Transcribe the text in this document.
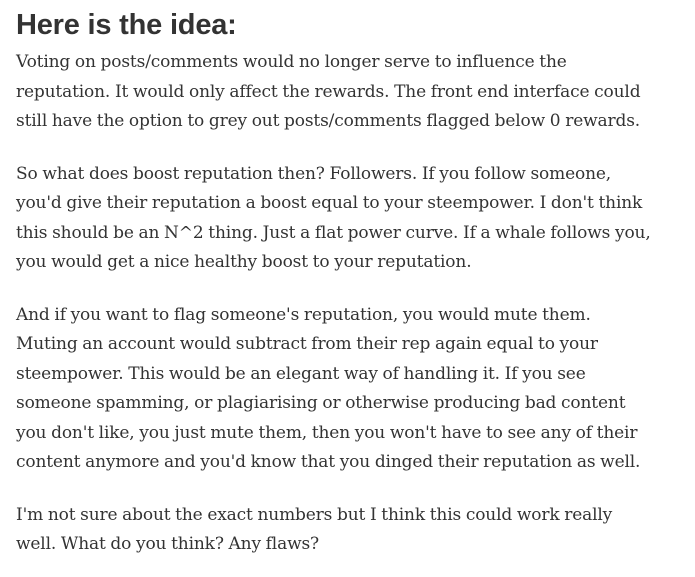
Here is the idea:

Voting on posts/comments would no longer serve to influence the
reputation. It would only affect the rewards. The front end interface could
still have the option to grey out posts/comments flagged below 0 rewards.

So what does boost reputation then? Followers. If you follow someone,
you'd give their reputation a boost equal to your steempower. I don't think
this should be an N^2 thing. Just a flat power curve. If a whale follows you,
you would get a nice healthy boost to your reputation.

And if you want to flag someone's reputation, you would mute them.
Muting an account would subtract from their rep again equal to your
steempower. This would be an elegant way of handling it. If you see
someone spamming, or plagiarising or otherwise producing bad content
you don't like, you just mute them, then you won't have to see any of their
content anymore and you'd know that you dinged their reputation as well.

I'm not sure about the exact numbers but I think this could work really
well. What do you think? Any flaws?
